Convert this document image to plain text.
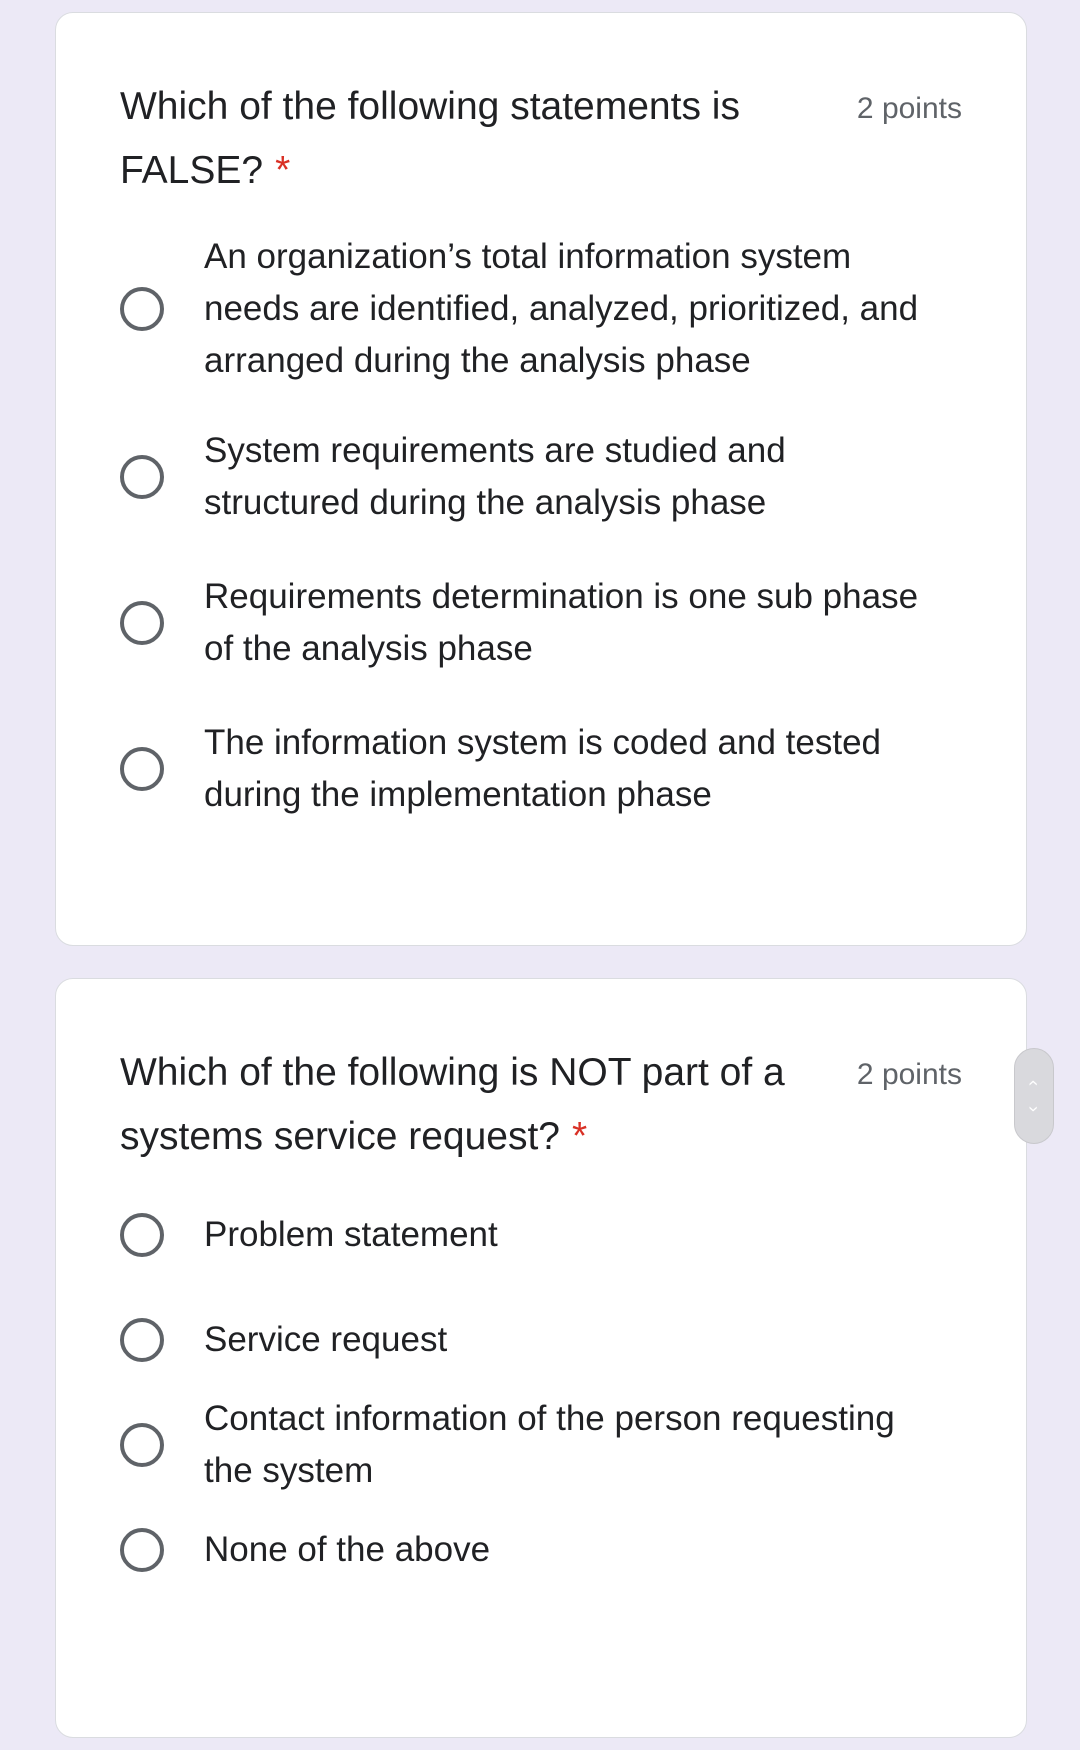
Which of the following statements is FALSE? *
2 points
An organization’s total information system needs are identified, analyzed, prioritized, and arranged during the analysis phase
System requirements are studied and structured during the analysis phase
Requirements determination is one sub phase of the analysis phase
The information system is coded and tested during the implementation phase
Which of the following is NOT part of a systems service request? *
2 points
Problem statement
Service request
Contact information of the person requesting the system
None of the above
‹
›
